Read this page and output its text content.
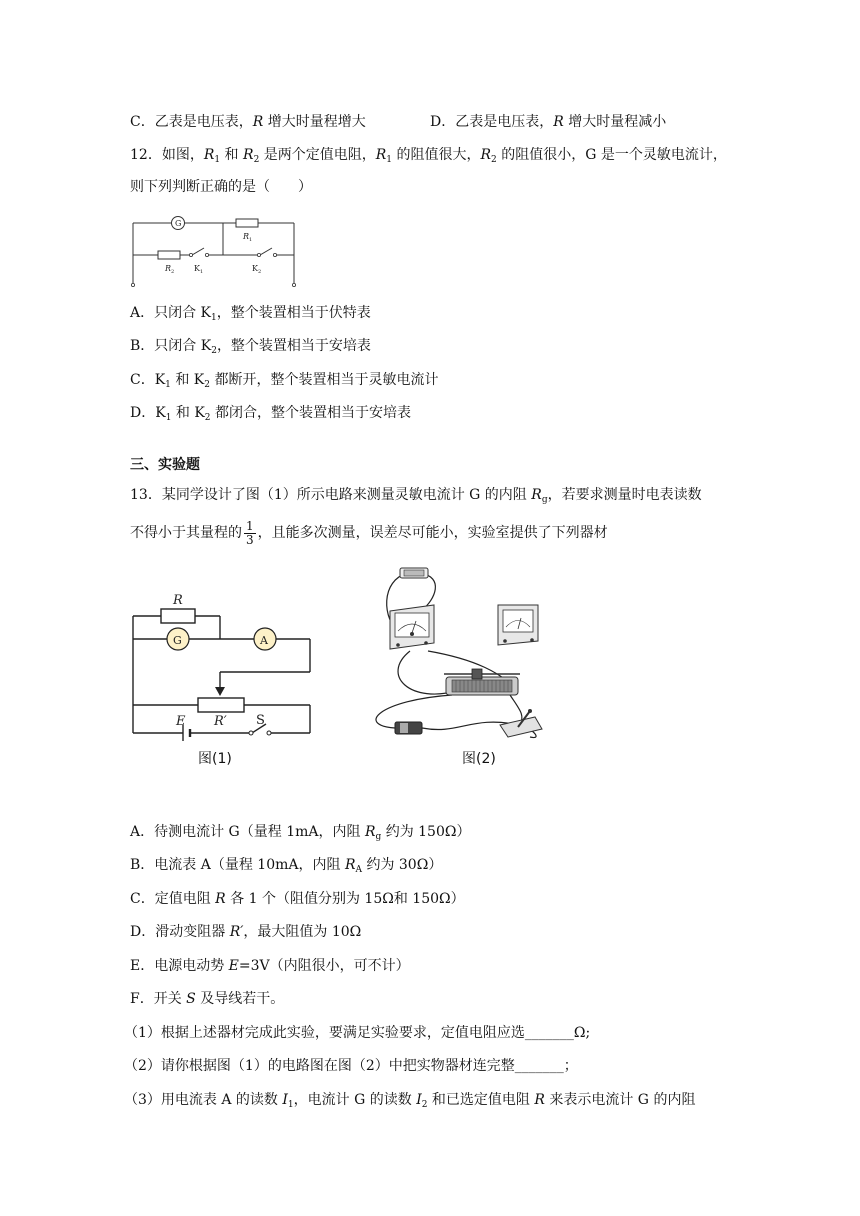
C．乙表是电压表，R 增大时量程增大	D．乙表是电压表，R 增大时量程减小
12．如图，$R_1$ 和 $R_2$ 是两个定值电阻，$R_1$ 的阻值很大，$R_2$ 的阻值很小，G 是一个灵敏电流计，
则下列判断正确的是（　　）
G
R 1
R 2 K 1	K 2
A．只闭合 $K_1$，整个装置相当于伏特表
B．只闭合 $K_2$，整个装置相当于安培表
C．$K_1$ 和 $K_2$ 都断开，整个装置相当于灵敏电流计
D．$K_1$ 和 $K_2$ 都闭合，整个装置相当于安培表
三、实验题
13．某同学设计了图（1）所示电路来测量灵敏电流计 G 的内阻 $R_g$，若要求测量时电表读数
不得小于其量程的 $\frac{1}{3}$ ，且能多次测量，误差尽可能小，实验室提供了下列器材
R
G	A
R′
E	S
图(1)	图(2)
A．待测电流计 G（量程 1mA，内阻 $R_g$ 约为 150Ω）
B．电流表 A（量程 10mA，内阻 $R_A$ 约为 30Ω）
C．定值电阻 R 各 1 个（阻值分别为 15Ω和 150Ω）
D．滑动变阻器 R′，最大阻值为 10Ω
E．电源电动势 E=3V（内阻很小，可不计）
F．开关 S 及导线若干。
（1）根据上述器材完成此实验，要满足实验要求，定值电阻应选_______Ω;
（2）请你根据图（1）的电路图在图（2）中把实物器材连完整_______；
（3）用电流表 A 的读数 $I_1$，电流计 G 的读数 $I_2$ 和已选定值电阻 R 来表示电流计 G 的内阻
